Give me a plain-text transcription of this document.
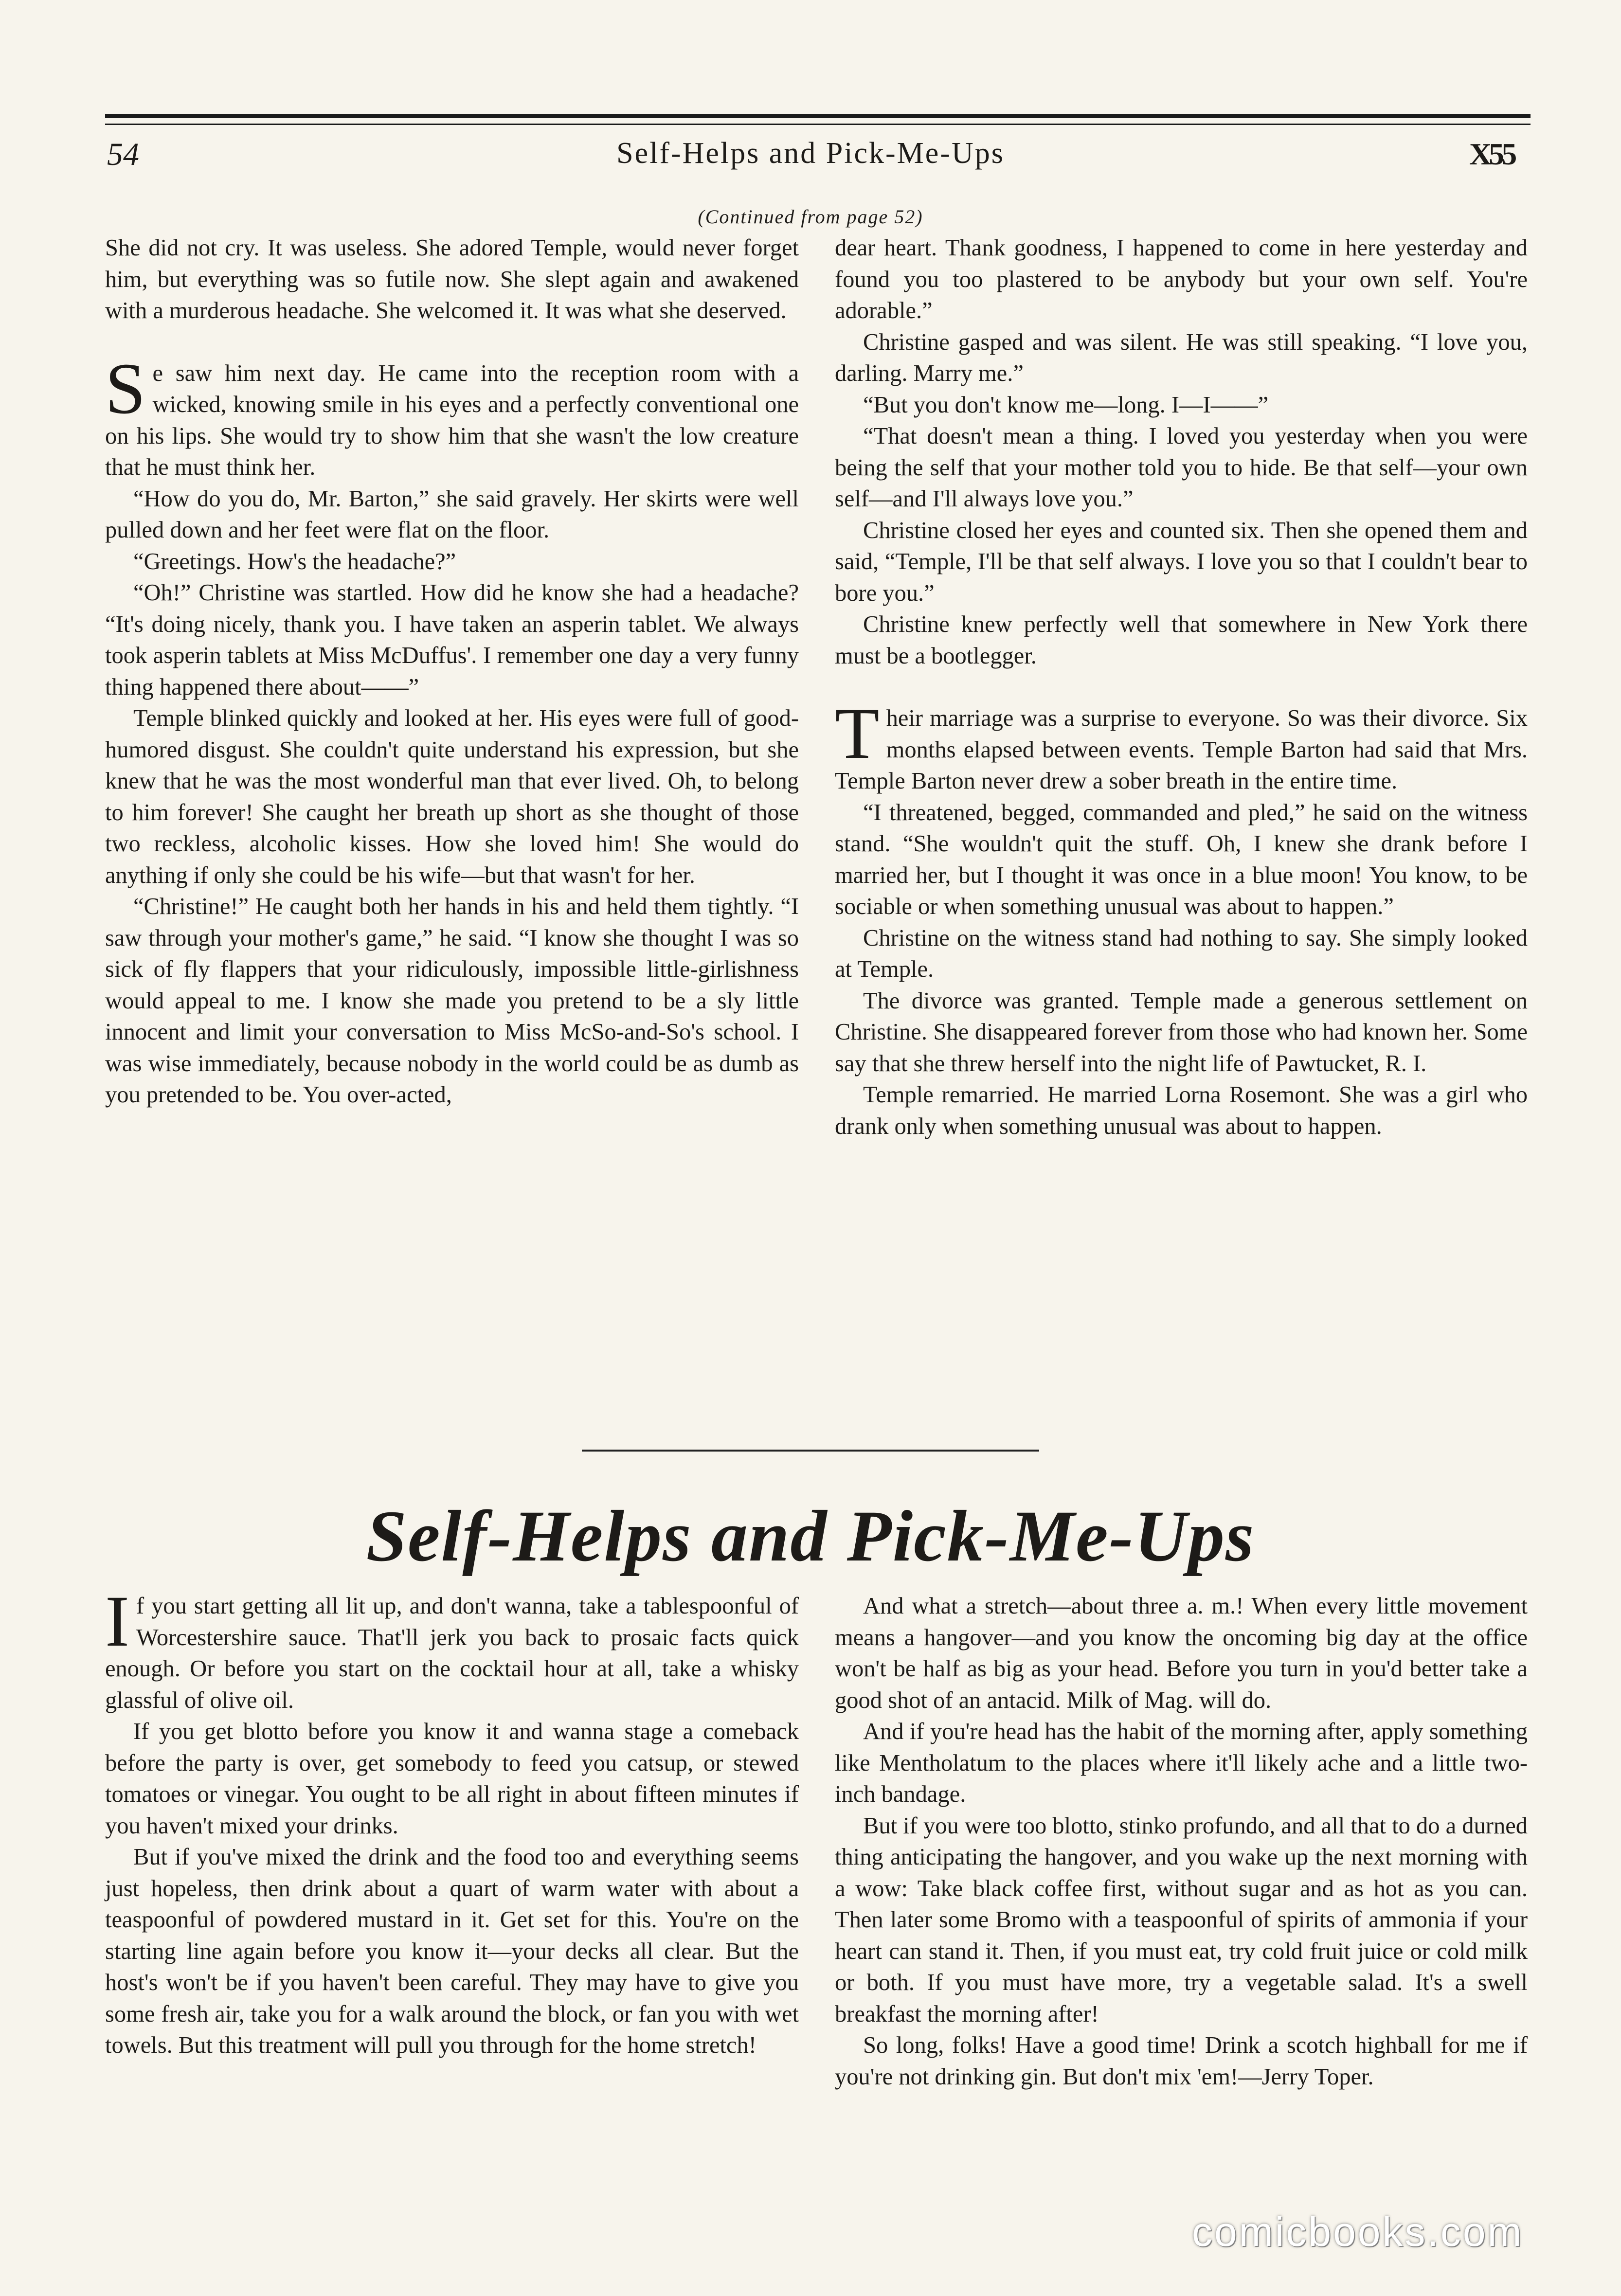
54	Self-Helps and Pick-Me-Ups	X55
(Continued from page 52)

She did not cry. It was useless. She adored Temple, would never forget him, but everything was so futile now. She slept again and awakened with a murderous headache. She welcomed it. It was what she deserved.

Se saw him next day. He came into the reception room with a wicked, knowing smile in his eyes and a perfectly conventional one on his lips. She would try to show him that she wasn't the low creature that he must think her.

“How do you do, Mr. Barton,” she said gravely. Her skirts were well pulled down and her feet were flat on the floor.

“Greetings. How's the headache?”

“Oh!” Christine was startled. How did he know she had a headache? “It's doing nicely, thank you. I have taken an asperin tablet. We always took asperin tablets at Miss McDuffus'. I remember one day a very funny thing happened there about——”

Temple blinked quickly and looked at her. His eyes were full of good-humored disgust. She couldn't quite understand his expression, but she knew that he was the most wonderful man that ever lived. Oh, to belong to him forever! She caught her breath up short as she thought of those two reckless, alcoholic kisses. How she loved him! She would do anything if only she could be his wife—but that wasn't for her.

“Christine!” He caught both her hands in his and held them tightly. “I saw through your mother's game,” he said. “I know she thought I was so sick of fly flappers that your ridiculously, impossible little-girlishness would appeal to me. I know she made you pretend to be a sly little innocent and limit your conversation to Miss McSo-and-So's school. I was wise immediately, because nobody in the world could be as dumb as you pretended to be. You over-acted,

dear heart. Thank goodness, I happened to come in here yesterday and found you too plastered to be anybody but your own self. You're adorable.”

Christine gasped and was silent. He was still speaking. “I love you, darling. Marry me.”

“But you don't know me—long. I—I——”

“That doesn't mean a thing. I loved you yesterday when you were being the self that your mother told you to hide. Be that self—your own self—and I'll always love you.”

Christine closed her eyes and counted six. Then she opened them and said, “Temple, I'll be that self always. I love you so that I couldn't bear to bore you.”

Christine knew perfectly well that somewhere in New York there must be a bootlegger.

Their marriage was a surprise to everyone. So was their divorce. Six months elapsed between events. Temple Barton had said that Mrs. Temple Barton never drew a sober breath in the entire time.

“I threatened, begged, commanded and pled,” he said on the witness stand. “She wouldn't quit the stuff. Oh, I knew she drank before I married her, but I thought it was once in a blue moon! You know, to be sociable or when something unusual was about to happen.”

Christine on the witness stand had nothing to say. She simply looked at Temple.

The divorce was granted. Temple made a generous settlement on Christine. She disappeared forever from those who had known her. Some say that she threw herself into the night life of Pawtucket, R. I.

Temple remarried. He married Lorna Rosemont. She was a girl who drank only when something unusual was about to happen.

Self-Helps and Pick-Me-Ups

If you start getting all lit up, and don't wanna, take a tablespoonful of Worcestershire sauce. That'll jerk you back to prosaic facts quick enough. Or before you start on the cocktail hour at all, take a whisky glassful of olive oil.

If you get blotto before you know it and wanna stage a comeback before the party is over, get somebody to feed you catsup, or stewed tomatoes or vinegar. You ought to be all right in about fifteen minutes if you haven't mixed your drinks.

But if you've mixed the drink and the food too and everything seems just hopeless, then drink about a quart of warm water with about a teaspoonful of powdered mustard in it. Get set for this. You're on the starting line again before you know it—your decks all clear. But the host's won't be if you haven't been careful. They may have to give you some fresh air, take you for a walk around the block, or fan you with wet towels. But this treatment will pull you through for the home stretch!

And what a stretch—about three a. m.! When every little movement means a hangover—and you know the oncoming big day at the office won't be half as big as your head. Before you turn in you'd better take a good shot of an antacid. Milk of Mag. will do.

And if you're head has the habit of the morning after, apply something like Mentholatum to the places where it'll likely ache and a little two-inch bandage.

But if you were too blotto, stinko profundo, and all that to do a durned thing anticipating the hangover, and you wake up the next morning with a wow: Take black coffee first, without sugar and as hot as you can. Then later some Bromo with a teaspoonful of spirits of ammonia if your heart can stand it. Then, if you must eat, try cold fruit juice or cold milk or both. If you must have more, try a vegetable salad. It's a swell breakfast the morning after!

So long, folks! Have a good time! Drink a scotch highball for me if you're not drinking gin. But don't mix 'em!—Jerry Toper.

comicbooks.com
